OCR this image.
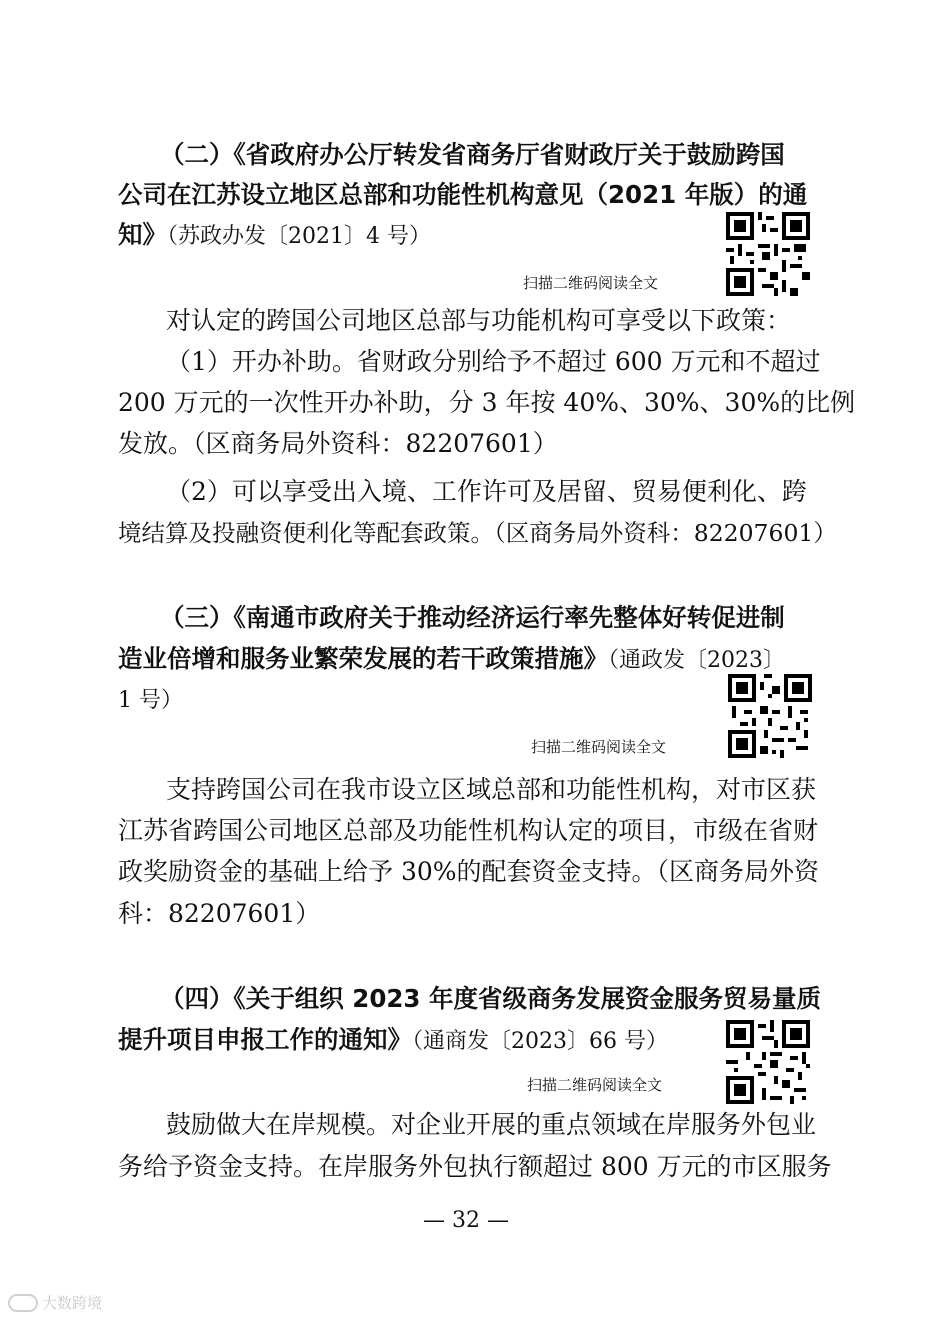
（二）《省政府办公厅转发省商务厅省财政厅关于鼓励跨国
公司在江苏设立地区总部和功能性机构意见（2021 年版）的通
知》（苏政办发〔2021〕4 号）
扫描二维码阅读全文
对认定的跨国公司地区总部与功能机构可享受以下政策：
（1）开办补助。省财政分别给予不超过 600 万元和不超过
200 万元的一次性开办补助，分 3 年按 40%、30%、30%的比例
发放。（区商务局外资科：82207601）
（2）可以享受出入境、工作许可及居留、贸易便利化、跨
境结算及投融资便利化等配套政策。（区商务局外资科：82207601）
（三）《南通市政府关于推动经济运行率先整体好转促进制
造业倍增和服务业繁荣发展的若干政策措施》（通政发〔2023〕
1 号）
扫描二维码阅读全文
支持跨国公司在我市设立区域总部和功能性机构，对市区获
江苏省跨国公司地区总部及功能性机构认定的项目，市级在省财
政奖励资金的基础上给予 30%的配套资金支持。（区商务局外资
科：82207601）
（四）《关于组织 2023 年度省级商务发展资金服务贸易量质
提升项目申报工作的通知》（通商发〔2023〕66 号）
扫描二维码阅读全文
鼓励做大在岸规模。对企业开展的重点领域在岸服务外包业
务给予资金支持。在岸服务外包执行额超过 800 万元的市区服务
— 32 —
大数跨境
